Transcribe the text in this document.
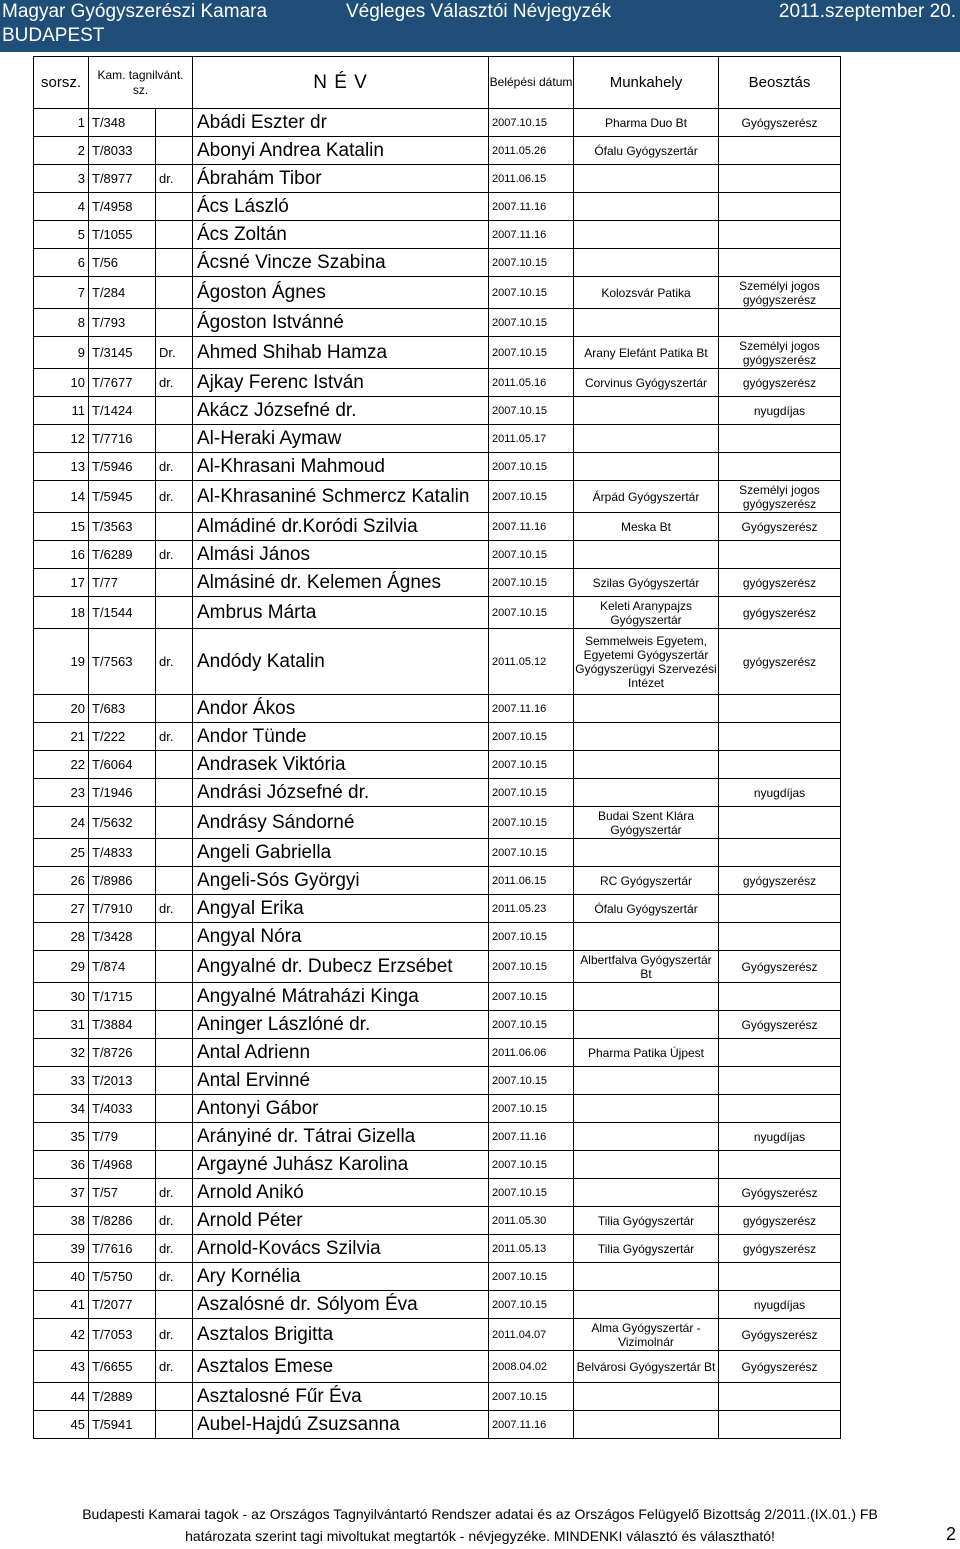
Magyar Gyógyszerészi Kamara
BUDAPEST
Végleges Választói Névjegyzék	2011.szeptember 20.
sorsz.	Kam. tagnilvánt. sz.		N É V	Belépési dátum	Munkahely	Beosztás
1	T/348		Abádi Eszter dr	2007.10.15	Pharma Duo Bt	Gyógyszerész
2	T/8033		Abonyi Andrea Katalin	2011.05.26	Ófalu Gyógyszertár	
3	T/8977	dr.	Ábrahám Tibor	2011.06.15		
4	T/4958		Ács László	2007.11.16		
5	T/1055		Ács Zoltán	2007.11.16		
6	T/56		Ácsné Vincze Szabina	2007.10.15		
7	T/284		Ágoston Ágnes	2007.10.15	Kolozsvár Patika	Személyi jogos gyógyszerész
8	T/793		Ágoston Istvánné	2007.10.15		
9	T/3145	Dr.	Ahmed Shihab Hamza	2007.10.15	Arany Elefánt Patika Bt	Személyi jogos gyógyszerész
10	T/7677	dr.	Ajkay Ferenc István	2011.05.16	Corvinus Gyógyszertár	gyógyszerész
11	T/1424		Akácz Józsefné dr.	2007.10.15		nyugdíjas
12	T/7716		Al-Heraki Aymaw	2011.05.17		
13	T/5946	dr.	Al-Khrasani Mahmoud	2007.10.15		
14	T/5945	dr.	Al-Khrasaniné Schmercz Katalin	2007.10.15	Árpád Gyógyszertár	Személyi jogos gyógyszerész
15	T/3563		Almádiné dr.Koródi Szilvia	2007.11.16	Meska Bt	Gyógyszerész
16	T/6289	dr.	Almási János	2007.10.15		
17	T/77		Almásiné dr. Kelemen Ágnes	2007.10.15	Szilas Gyógyszertár	gyógyszerész
18	T/1544		Ambrus Márta	2007.10.15	Keleti Aranypajzs Gyógyszertár	gyógyszerész
19	T/7563	dr.	Andódy Katalin	2011.05.12	Semmelweis Egyetem, Egyetemi Gyógyszertár Gyógyszerügyi Szervezési Intézet	gyógyszerész
20	T/683		Andor Ákos	2007.11.16		
21	T/222	dr.	Andor Tünde	2007.10.15		
22	T/6064		Andrasek Viktória	2007.10.15		
23	T/1946		Andrási Józsefné dr.	2007.10.15		nyugdíjas
24	T/5632		Andrásy Sándorné	2007.10.15	Budai Szent Klára Gyógyszertár	
25	T/4833		Angeli Gabriella	2007.10.15		
26	T/8986		Angeli-Sós Györgyi	2011.06.15	RC Gyógyszertár	gyógyszerész
27	T/7910	dr.	Angyal Erika	2011.05.23	Ófalu Gyógyszertár	
28	T/3428		Angyal Nóra	2007.10.15		
29	T/874		Angyalné dr. Dubecz Erzsébet	2007.10.15	Albertfalva Gyógyszertár Bt	Gyógyszerész
30	T/1715		Angyalné Mátraházi Kinga	2007.10.15		
31	T/3884		Aninger Lászlóné dr.	2007.10.15		Gyógyszerész
32	T/8726		Antal Adrienn	2011.06.06	Pharma Patika Újpest	
33	T/2013		Antal Ervinné	2007.10.15		
34	T/4033		Antonyi Gábor	2007.10.15		
35	T/79		Arányiné dr. Tátrai Gizella	2007.11.16		nyugdíjas
36	T/4968		Argayné Juhász Karolina	2007.10.15		
37	T/57	dr.	Arnold Anikó	2007.10.15		Gyógyszerész
38	T/8286	dr.	Arnold Péter	2011.05.30	Tilia Gyógyszertár	gyógyszerész
39	T/7616	dr.	Arnold-Kovács Szilvia	2011.05.13	Tilia Gyógyszertár	gyógyszerész
40	T/5750	dr.	Ary Kornélia	2007.10.15		
41	T/2077		Aszalósné dr. Sólyom Éva	2007.10.15		nyugdíjas
42	T/7053	dr.	Asztalos Brigitta	2011.04.07	Alma Gyógyszertár - Vizimolnár	Gyógyszerész
43	T/6655	dr.	Asztalos Emese	2008.04.02	Belvárosi Gyógyszertár Bt	Gyógyszerész
44	T/2889		Asztalosné Fűr Éva	2007.10.15		
45	T/5941		Aubel-Hajdú Zsuzsanna	2007.11.16		
Budapesti Kamarai tagok - az Országos Tagnyilvántartó Rendszer adatai és az Országos Felügyelő Bizottság 2/2011.(IX.01.) FB
határozata szerint tagi mivoltukat megtartók - névjegyzéke. MINDENKI választó és választható!	2
